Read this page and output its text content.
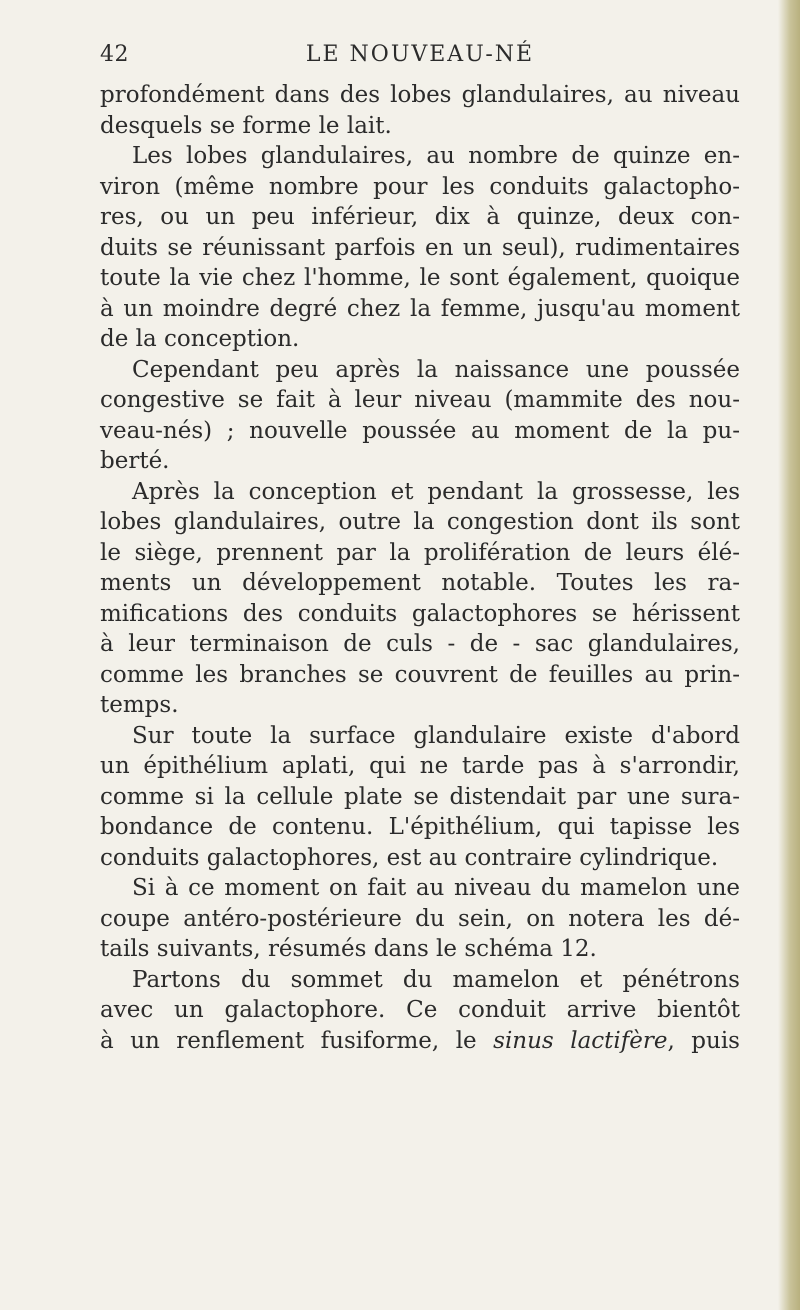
42	LE NOUVEAU-NÉ
profondément dans des lobes glandulaires, au niveau
desquels se forme le lait.
Les lobes glandulaires, au nombre de quinze en-
viron (même nombre pour les conduits galactopho-
res, ou un peu inférieur, dix à quinze, deux con-
duits se réunissant parfois en un seul), rudimentaires
toute la vie chez l'homme, le sont également, quoique
à un moindre degré chez la femme, jusqu'au moment
de la conception.
Cependant peu après la naissance une poussée
congestive se fait à leur niveau (mammite des nou-
veau-nés) ; nouvelle poussée au moment de la pu-
berté.
Après la conception et pendant la grossesse, les
lobes glandulaires, outre la congestion dont ils sont
le siège, prennent par la prolifération de leurs élé-
ments un développement notable. Toutes les ra-
mifications des conduits galactophores se hérissent
à leur terminaison de culs - de - sac glandulaires,
comme les branches se couvrent de feuilles au prin-
temps.
Sur toute la surface glandulaire existe d'abord
un épithélium aplati, qui ne tarde pas à s'arrondir,
comme si la cellule plate se distendait par une sura-
bondance de contenu. L'épithélium, qui tapisse les
conduits galactophores, est au contraire cylindrique.
Si à ce moment on fait au niveau du mamelon une
coupe antéro-postérieure du sein, on notera les dé-
tails suivants, résumés dans le schéma 12.
Partons du sommet du mamelon et pénétrons
avec un galactophore. Ce conduit arrive bientôt
à un renflement fusiforme, le sinus lactifère, puis
